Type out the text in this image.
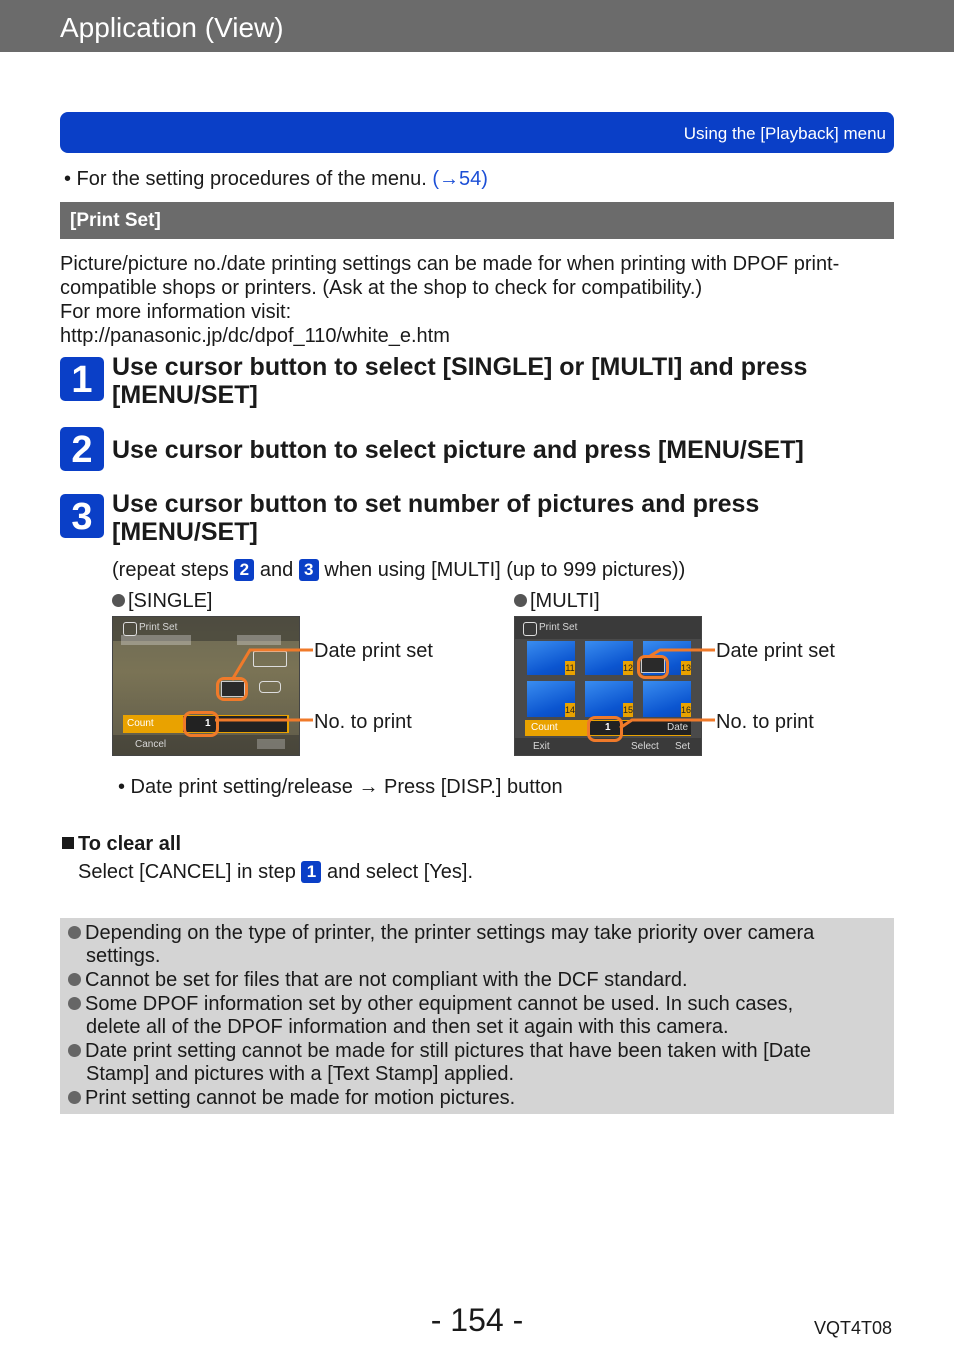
Application (View)
Using the [Playback] menu
• For the setting procedures of the menu. (→54)
[Print Set]
Picture/picture no./date printing settings can be made for when printing with DPOF print-
compatible shops or printers. (Ask at the shop to check for compatibility.)
For more information visit:
http://panasonic.jp/dc/dpof_110/white_e.htm
1 Use cursor button to select [SINGLE] or [MULTI] and press
[MENU/SET]
2 Use cursor button to select picture and press [MENU/SET]
3 Use cursor button to set number of pictures and press
[MENU/SET]
(repeat steps 2 and 3 when using [MULTI] (up to 999 pictures))
[SINGLE]	[MULTI]
Print Set
Count	1
Cancel
Print Set
11	12	13
14	15	16
Count	1	Date
Exit	Select Set
Date print set
No. to print
Date print set
No. to print
• Date print setting/release → Press [DISP.] button
To clear all
Select [CANCEL] in step 1 and select [Yes].
Depending on the type of printer, the printer settings may take priority over camera
settings.
Cannot be set for files that are not compliant with the DCF standard.
Some DPOF information set by other equipment cannot be used. In such cases,
delete all of the DPOF information and then set it again with this camera.
Date print setting cannot be made for still pictures that have been taken with [Date
Stamp] and pictures with a [Text Stamp] applied.
Print setting cannot be made for motion pictures.
- 154 -	VQT4T08
